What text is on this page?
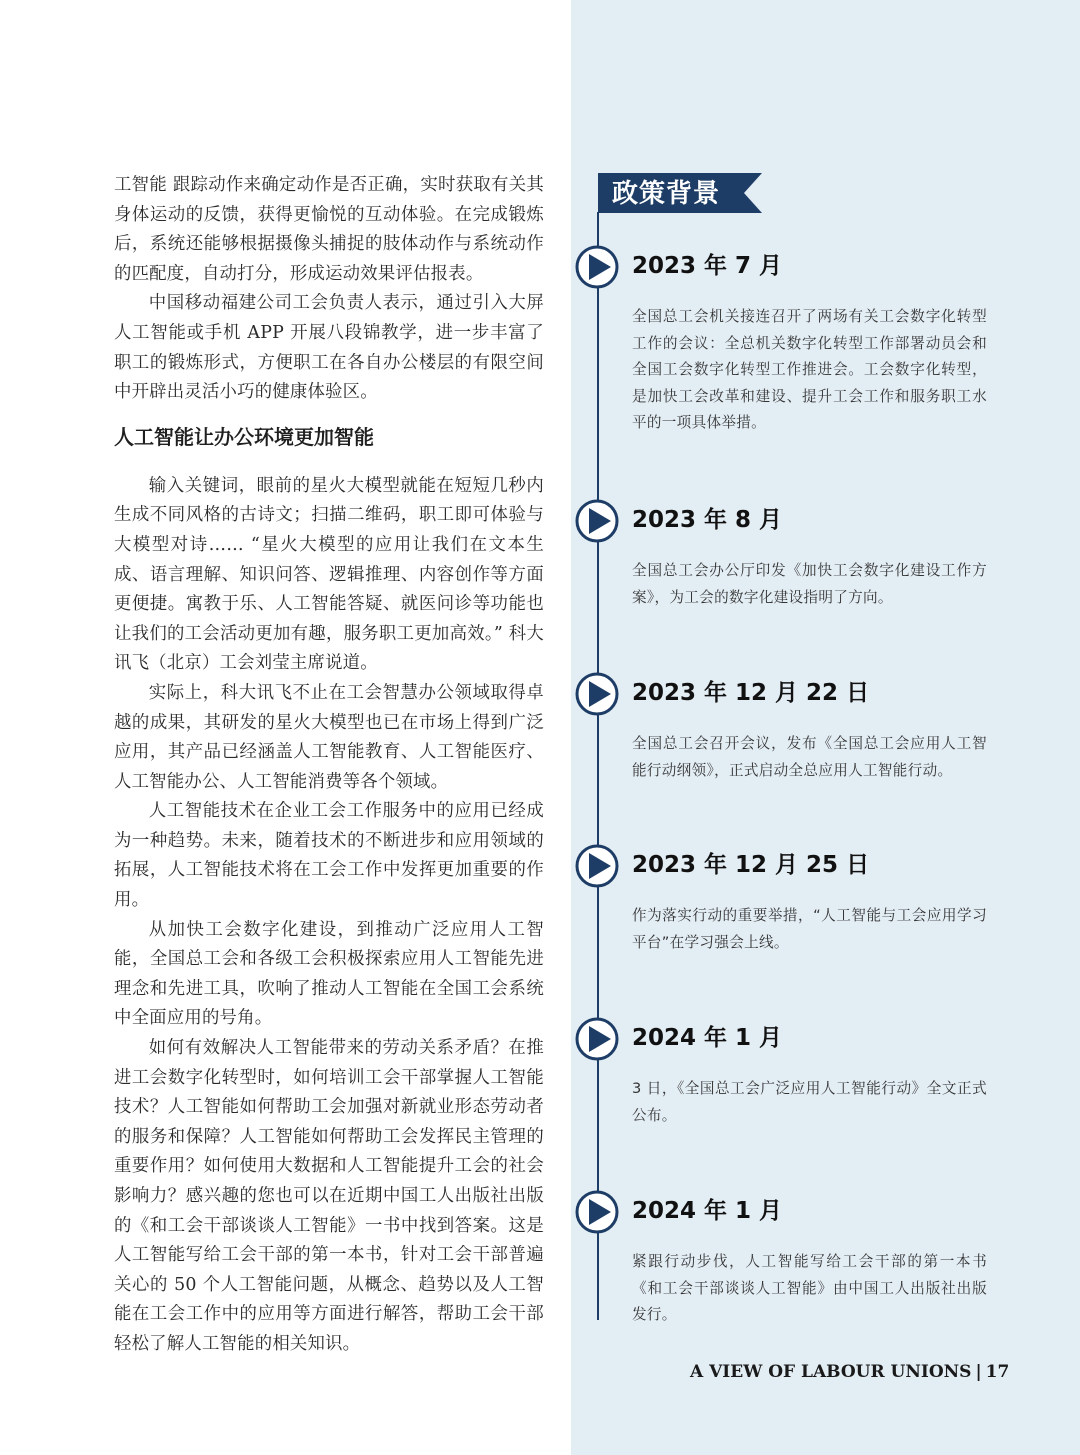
工智能 跟踪动作来确定动作是否正确，实时获取有关其身体运动的反馈，获得更愉悦的互动体验。在完成锻炼后，系统还能够根据摄像头捕捉的肢体动作与系统动作的匹配度，自动打分，形成运动效果评估报表。

中国移动福建公司工会负责人表示，通过引入大屏人工智能或手机 APP 开展八段锦教学，进一步丰富了职工的锻炼形式，方便职工在各自办公楼层的有限空间中开辟出灵活小巧的健康体验区。

人工智能让办公环境更加智能

输入关键词，眼前的星火大模型就能在短短几秒内生成不同风格的古诗文；扫描二维码，职工即可体验与大模型对诗…… “星火大模型的应用让我们在文本生成、语言理解、知识问答、逻辑推理、内容创作等方面更便捷。寓教于乐、人工智能答疑、就医问诊等功能也让我们的工会活动更加有趣，服务职工更加高效。” 科大讯飞（北京）工会刘莹主席说道。

实际上，科大讯飞不止在工会智慧办公领域取得卓越的成果，其研发的星火大模型也已在市场上得到广泛应用，其产品已经涵盖人工智能教育、人工智能医疗、人工智能办公、人工智能消费等各个领域。

人工智能技术在企业工会工作服务中的应用已经成为一种趋势。未来，随着技术的不断进步和应用领域的拓展，人工智能技术将在工会工作中发挥更加重要的作用。

从加快工会数字化建设，到推动广泛应用人工智能，全国总工会和各级工会积极探索应用人工智能先进理念和先进工具，吹响了推动人工智能在全国工会系统中全面应用的号角。

如何有效解决人工智能带来的劳动关系矛盾？在推进工会数字化转型时，如何培训工会干部掌握人工智能技术？人工智能如何帮助工会加强对新就业形态劳动者的服务和保障？人工智能如何帮助工会发挥民主管理的重要作用？如何使用大数据和人工智能提升工会的社会影响力？感兴趣的您也可以在近期中国工人出版社出版的《和工会干部谈谈人工智能》一书中找到答案。这是人工智能写给工会干部的第一本书，针对工会干部普遍关心的 50 个人工智能问题，从概念、趋势以及人工智能在工会工作中的应用等方面进行解答，帮助工会干部轻松了解人工智能的相关知识。

政策背景
2023 年 7 月

全国总工会机关接连召开了两场有关工会数字化转型工作的会议：全总机关数字化转型工作部署动员会和全国工会数字化转型工作推进会。工会数字化转型，是加快工会改革和建设、提升工会工作和服务职工水平的一项具体举措。

2023 年 8 月

全国总工会办公厅印发《加快工会数字化建设工作方案》，为工会的数字化建设指明了方向。

2023 年 12 月 22 日

全国总工会召开会议，发布《全国总工会应用人工智能行动纲领》，正式启动全总应用人工智能行动。

2023 年 12 月 25 日

作为落实行动的重要举措，“人工智能与工会应用学习平台”在学习强会上线。

2024 年 1 月

3 日，《全国总工会广泛应用人工智能行动》全文正式公布。

2024 年 1 月

紧跟行动步伐，人工智能写给工会干部的第一本书《和工会干部谈谈人工智能》由中国工人出版社出版发行。

A VIEW OF LABOUR UNIONS | 17
